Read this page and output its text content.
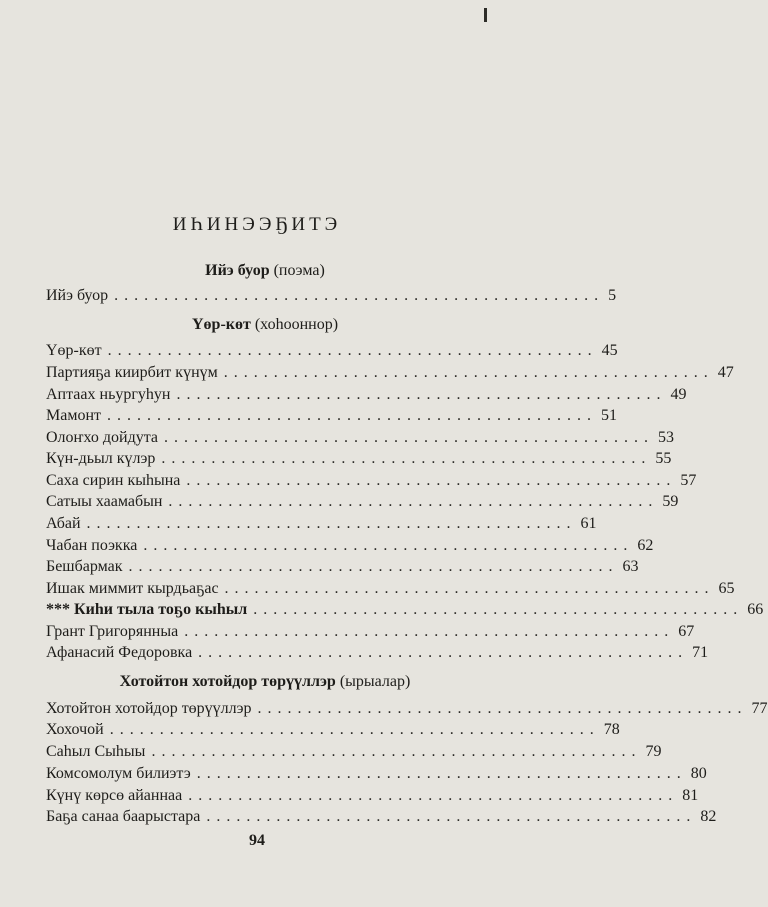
ИҺИНЭЭҔИТЭ
Ийэ буор (поэма)
Ийэ буор ................................................. 5
Үөр-көт (хоһооннор)
Үөр-көт ................................................. 45
Партияҕа киирбит күнүм ................................................. 47
Аптаах ньургуһун ................................................. 49
Мамонт ................................................. 51
Олоҥхо дойдута ................................................. 53
Күн-дьыл күлэр ................................................. 55
Саха сирин кыһына ................................................. 57
Сатыы хаамабын ................................................. 59
Абай ................................................. 61
Чабан поэкка ................................................. 62
Бешбармак ................................................. 63
Ишак миммит кырдьаҕас ................................................. 65
*** Киһи тыла тоҕо кыһыл ................................................. 66
Грант Григорянныа ................................................. 67
Афанасий Федоровка ................................................. 71
Хотойтон хотойдор төрүүллэр (ырыалар)
Хотойтон хотойдор төрүүллэр ................................................. 77
Хохочой ................................................. 78
Саһыл Сыһыы ................................................. 79
Комсомолум билиэтэ ................................................. 80
Күнү көрсө айаннаа ................................................. 81
Баҕа санаа баарыстара ................................................. 82
94
